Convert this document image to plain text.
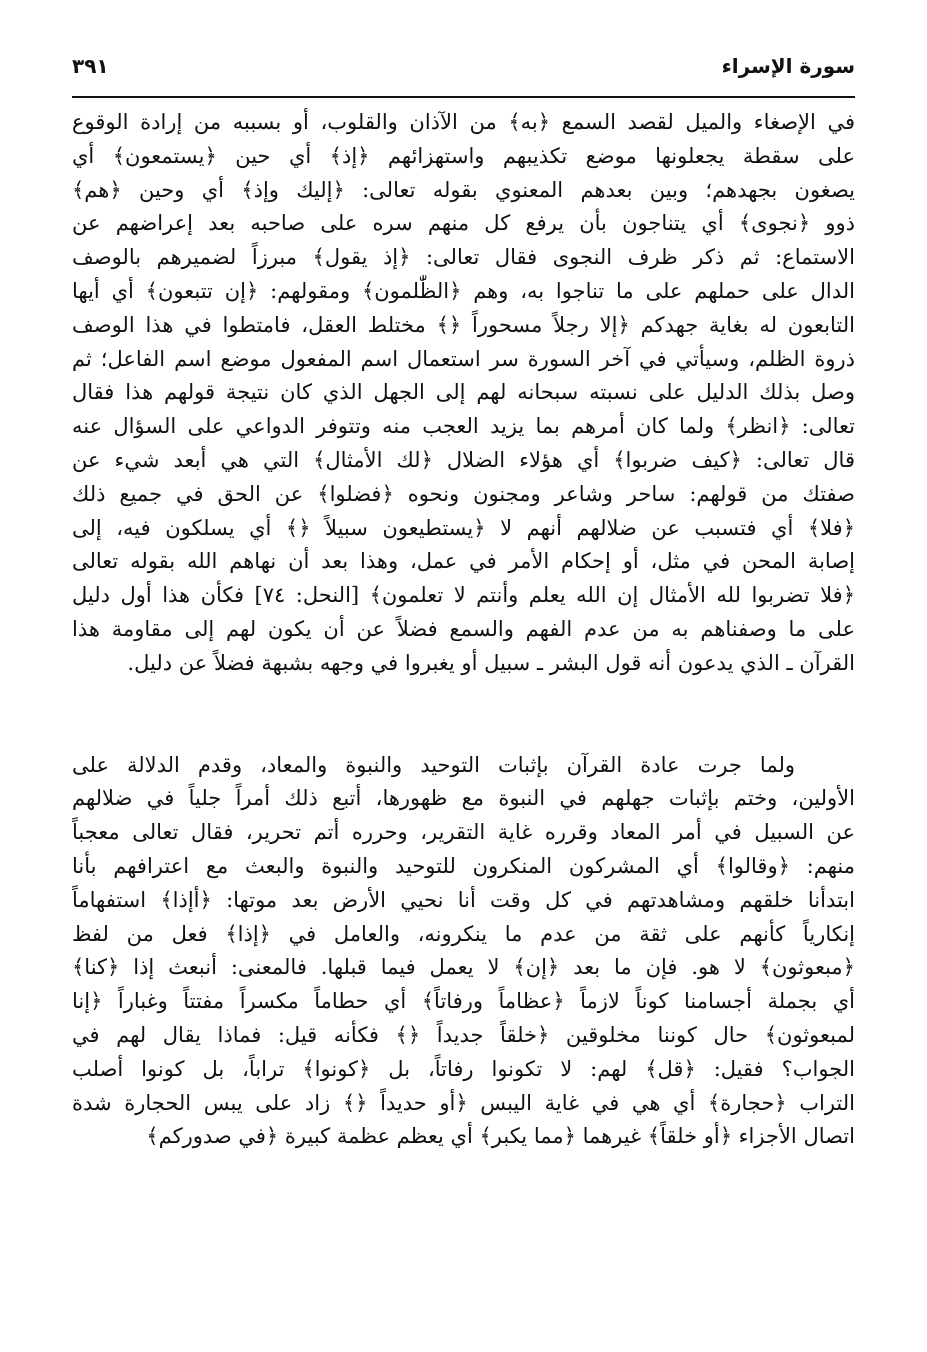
سورة الإسراء
٣٩١
في الإصغاء والميل لقصد السمع ﴿به﴾ من الآذان والقلوب، أو بسببه من إرادة الوقوع
على سقطة يجعلونها موضع تكذيبهم واستهزائهم ﴿إذ﴾ أي حين ﴿يستمعون﴾ أي
يصغون بجهدهم؛ وبين بعدهم المعنوي بقوله تعالى: ﴿إليك وإذ﴾ أي وحين ﴿هم﴾
ذوو ﴿نجوى﴾ أي يتناجون بأن يرفع كل منهم سره على صاحبه بعد إعراضهم عن
الاستماع: ثم ذكر ظرف النجوى فقال تعالى: ﴿إذ يقول﴾ مبرزاً لضميرهم بالوصف
الدال على حملهم على ما تناجوا به، وهم ﴿الظّٰلمون﴾ ومقولهم: ﴿إن تتبعون﴾ أي أيها
التابعون له بغاية جهدكم ﴿إلا رجلاً مسحوراً ﴿﴾ مختلط العقل، فامتطوا في هذا الوصف
ذروة الظلم، وسيأتي في آخر السورة سر استعمال اسم المفعول موضع اسم الفاعل؛ ثم
وصل بذلك الدليل على نسبته سبحانه لهم إلى الجهل الذي كان نتيجة قولهم هذا فقال
تعالى: ﴿انظر﴾ ولما كان أمرهم بما يزيد العجب منه وتتوفر الدواعي على السؤال عنه
قال تعالى: ﴿كيف ضربوا﴾ أي هؤلاء الضلال ﴿لك الأمثال﴾ التي هي أبعد شيء عن
صفتك من قولهم: ساحر وشاعر ومجنون ونحوه ﴿فضلوا﴾ عن الحق في جميع ذلك
﴿فلا﴾ أي فتسبب عن ضلالهم أنهم لا ﴿يستطيعون سبيلاً ﴿﴾ أي يسلكون فيه، إلى
إصابة المحن في مثل، أو إحكام الأمر في عمل، وهذا بعد أن نهاهم الله بقوله تعالى
﴿فلا تضربوا لله الأمثال إن الله يعلم وأنتم لا تعلمون﴾ [النحل: ٧٤] فكأن هذا أول دليل
على ما وصفناهم به من عدم الفهم والسمع فضلاً عن أن يكون لهم إلى مقاومة هذا
القرآن ـ الذي يدعون أنه قول البشر ـ سبيل أو يغبروا في وجهه بشبهة فضلاً عن دليل.
ولما جرت عادة القرآن بإثبات التوحيد والنبوة والمعاد، وقدم الدلالة على
الأولين، وختم بإثبات جهلهم في النبوة مع ظهورها، أتبع ذلك أمراً جلياً في ضلالهم
عن السبيل في أمر المعاد وقرره غاية التقرير، وحرره أتم تحرير، فقال تعالى معجباً
منهم: ﴿وقالوا﴾ أي المشركون المنكرون للتوحيد والنبوة والبعث مع اعترافهم بأنا
ابتدأنا خلقهم ومشاهدتهم في كل وقت أنا نحيي الأرض بعد موتها: ﴿أإذا﴾ استفهاماً
إنكارياً كأنهم على ثقة من عدم ما ينكرونه، والعامل في ﴿إذا﴾ فعل من لفظ
﴿مبعوثون﴾ لا هو. فإن ما بعد ﴿إن﴾ لا يعمل فيما قبلها. فالمعنى: أنبعث إذا ﴿كنا﴾
أي بجملة أجسامنا كوناً لازماً ﴿عظاماً ورفاتاً﴾ أي حطاماً مكسراً مفتتاً وغباراً ﴿إنا
لمبعوثون﴾ حال كوننا مخلوقين ﴿خلقاً جديداً ﴿﴾ فكأنه قيل: فماذا يقال لهم في
الجواب؟ فقيل: ﴿قل﴾ لهم: لا تكونوا رفاتاً، بل ﴿كونوا﴾ تراباً، بل كونوا أصلب
التراب ﴿حجارة﴾ أي هي في غاية اليبس ﴿أو حديداً ﴿﴾ زاد على يبس الحجارة شدة
اتصال الأجزاء ﴿أو خلقاً﴾ غيرهما ﴿مما يكبر﴾ أي يعظم عظمة كبيرة ﴿في صدوركم﴾
